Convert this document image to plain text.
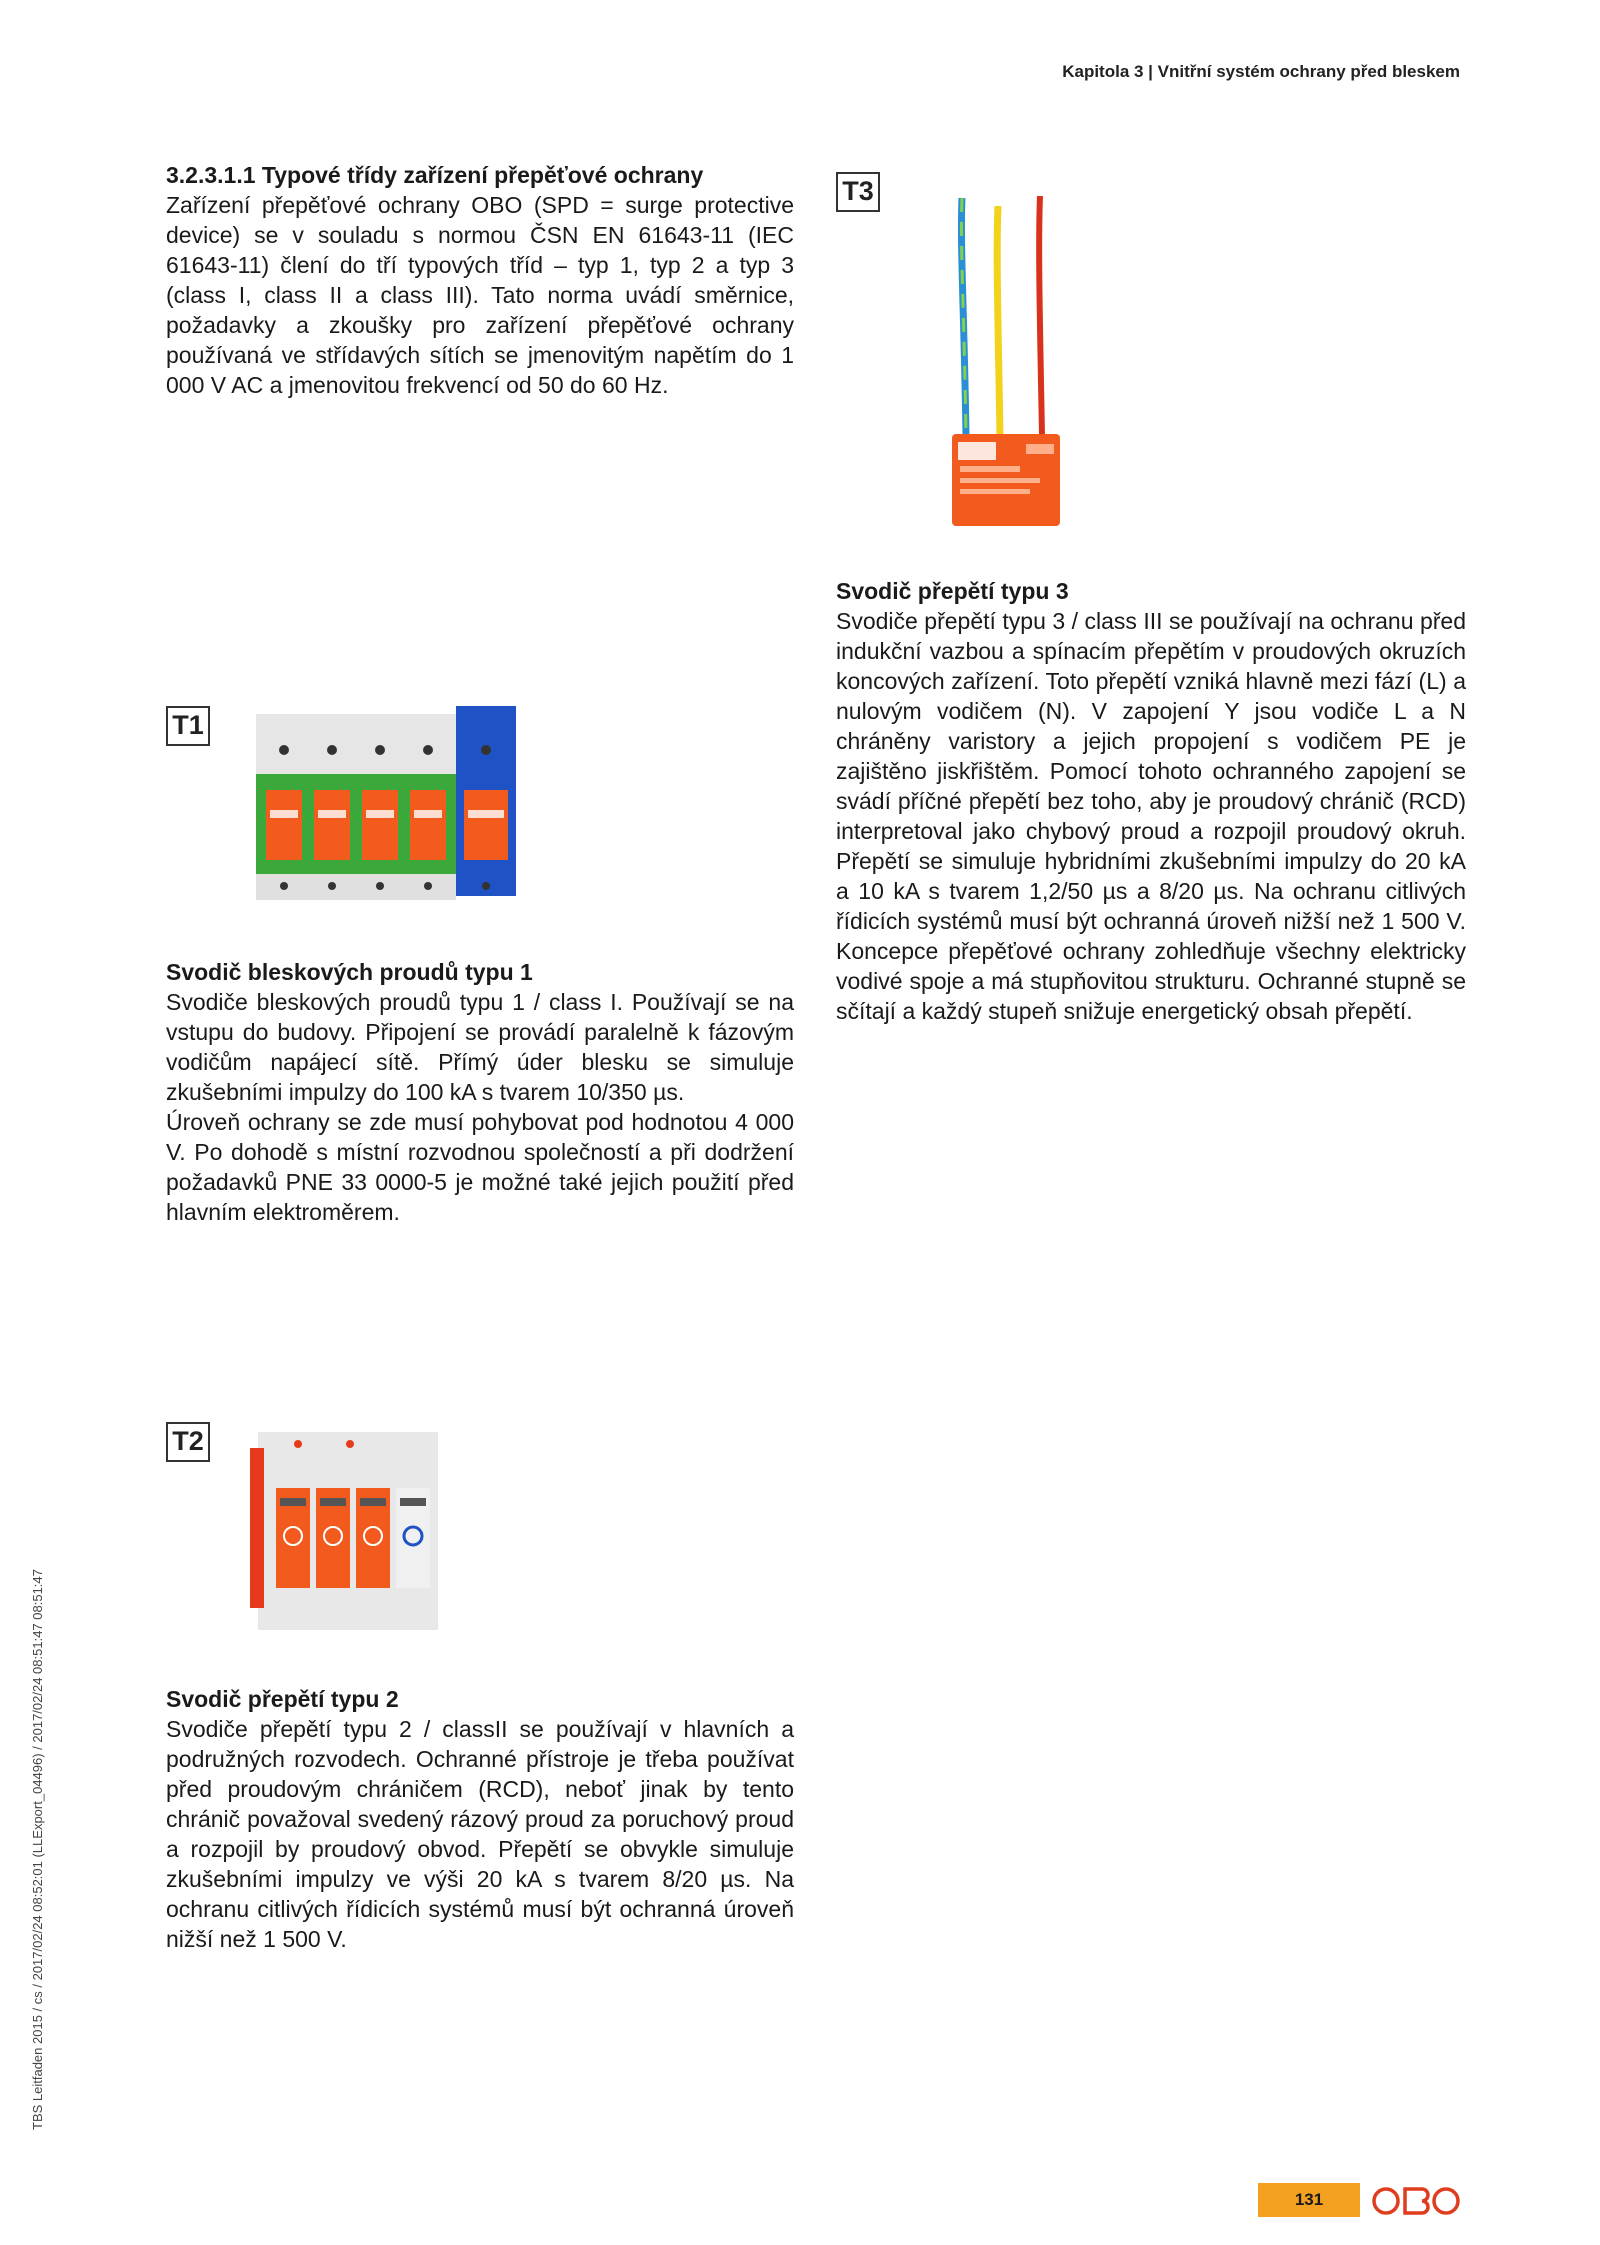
Kapitola 3 | Vnitřní systém ochrany před bleskem
3.2.3.1.1 Typové třídy zařízení přepěťové ochrany

Zařízení přepěťové ochrany OBO (SPD = surge protective device) se v souladu s normou ČSN EN 61643-11 (IEC 61643-11) člení do tří typových tříd – typ 1, typ 2 a typ 3 (class I, class II a class III). Tato norma uvádí směrnice, požadavky a zkoušky pro zařízení přepěťové ochrany používaná ve střídavých sítích se jmenovitým napětím do 1 000 V AC a jmenovitou frekvencí od 50 do 60 Hz.

T3
Svodič přepětí typu 3

Svodiče přepětí typu 3 / class III se používají na ochranu před indukční vazbou a spínacím přepětím v proudových okruzích koncových zařízení. Toto přepětí vzniká hlavně mezi fází (L) a nulovým vodičem (N). V zapojení Y jsou vodiče L a N chráněny varistory a jejich propojení s vodičem PE je zajištěno jiskřištěm. Pomocí tohoto ochranného zapojení se svádí příčné přepětí bez toho, aby je proudový chránič (RCD) interpretoval jako chybový proud a rozpojil proudový okruh. Přepětí se simuluje hybridními zkušebními impulzy do 20 kA a 10 kA s tvarem 1,2/50 µs a 8/20 µs. Na ochranu citlivých řídicích systémů musí být ochranná úroveň nižší než 1 500 V. Koncepce přepěťové ochrany zohledňuje všechny elektricky vodivé spoje a má stupňovitou strukturu. Ochranné stupně se sčítají a každý stupeň snižuje energetický obsah přepětí.

T1
Svodič bleskových proudů typu 1

Svodiče bleskových proudů typu 1 / class I. Používají se na vstupu do budovy. Připojení se provádí paralelně k fázovým vodičům napájecí sítě. Přímý úder blesku se simuluje zkušebními impulzy do 100 kA s tvarem 10/350 µs.

Úroveň ochrany se zde musí pohybovat pod hodnotou 4 000 V. Po dohodě s místní rozvodnou společností a při dodržení požadavků PNE 33 0000-5 je možné také jejich použití před hlavním elektroměrem.

T2
Svodič přepětí typu 2

Svodiče přepětí typu 2 / classII se používají v hlavních a podružných rozvodech. Ochranné přístroje je třeba používat před proudovým chráničem (RCD), neboť jinak by tento chránič považoval svedený rázový proud za poruchový proud a rozpojil by proudový obvod. Přepětí se obvykle simuluje zkušebními impulzy ve výši 20 kA s tvarem 8/20 µs. Na ochranu citlivých řídicích systémů musí být ochranná úroveň nižší než 1 500 V.

TBS Leitfaden 2015 / cs / 2017/02/24 08:52:01 (LLExport_04496) / 2017/02/24 08:51:47 08:51:47
131
